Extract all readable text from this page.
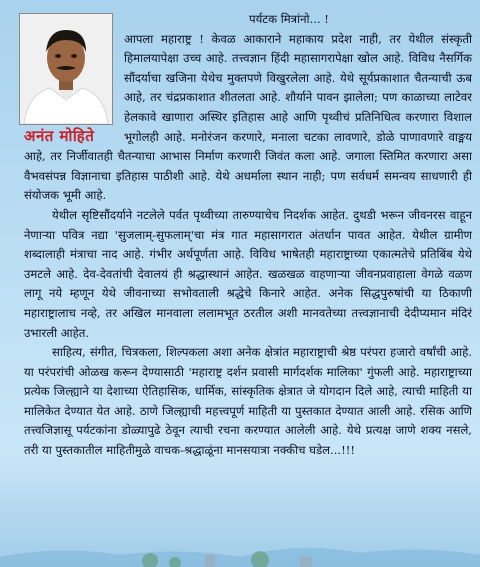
अनंत मोहिते

पर्यटक मित्रांनो... !

आपला महाराष्ट्र ! केवळ आकाराने महाकाय प्रदेश नाही, तर येथील संस्कृती हिमालयापेक्षा उच्च आहे. तत्त्वज्ञान हिंदी महासागरापेक्षा खोल आहे. विविध नैसर्गिक सौंदर्याचा खजिना येथेच मुक्तपणे विखुरलेला आहे. येथे सूर्यप्रकाशात चैतन्याची ऊब आहे, तर चंद्रप्रकाशात शीतलता आहे. शौर्याने पावन झालेला; पण काळाच्या लाटेवर हेलकावे खाणारा अस्थिर इतिहास आहे आणि पृथ्वीचं प्रतिनिधित्व करणारा विशाल भूगोलही आहे. मनोरंजन करणारे, मनाला चटका लावणारे, डोळे पाणावणारे वाङ्मय आहे, तर निर्जीवातही चैतन्याचा आभास निर्माण करणारी जिवंत कला आहे. जगाला स्तिमित करणारा असा वैभवसंपन्न विज्ञानाचा इतिहास पाठीशी आहे. येथे अधर्माला स्थान नाही; पण सर्वधर्म समन्वय साधणारी ही संयोजक भूमी आहे.

येथील सृष्टिसौंदर्याने नटलेले पर्वत पृथ्वीच्या तारुण्याचेच निदर्शक आहेत. दुथडी भरून जीवनरस वाहून नेणाऱ्या पवित्र नद्या 'सुजलाम्-सुफलाम्'चा मंत्र गात महासागरात अंतर्धान पावत आहेत. येथील ग्रामीण शब्दालाही मंत्राचा नाद आहे. गंभीर अर्थपूर्णता आहे. विविध भाषेतही महाराष्ट्राच्या एकात्मतेचे प्रतिबिंब येथे उमटले आहे. देव-देवतांची देवालयं ही श्रद्धास्थानं आहेत. खळखळ वाहणाऱ्या जीवनप्रवाहाला वेगळे वळण लागू नये म्हणून येथे जीवनाच्या सभोवताली श्रद्धेचे किनारे आहेत. अनेक सिद्धपुरुषांची या ठिकाणी महाराष्ट्रालाच नव्हे, तर अखिल मानवाला ललामभूत ठरतील अशी मानवतेच्या तत्त्वज्ञानाची देदीप्यमान मंदिरं उभारली आहेत.

साहित्य, संगीत, चित्रकला, शिल्पकला अशा अनेक क्षेत्रांत महाराष्ट्राची श्रेष्ठ परंपरा हजारो वर्षांची आहे. या परंपरांची ओळख करून देण्यासाठी 'महाराष्ट्र दर्शन प्रवासी मार्गदर्शक मालिका' गुंफली आहे. महाराष्ट्राच्या प्रत्येक जिल्ह्याने या देशाच्या ऐतिहासिक, धार्मिक, सांस्कृतिक क्षेत्रात जे योगदान दिले आहे, त्याची माहिती या मालिकेत देण्यात येत आहे. ठाणे जिल्ह्याची महत्त्वपूर्ण माहिती या पुस्तकात देण्यात आली आहे. रसिक आणि तत्त्वजिज्ञासू पर्यटकांना डोळ्यापुढे ठेवून त्याची रचना करण्यात आलेली आहे. येथे प्रत्यक्ष जाणे शक्य नसले, तरी या पुस्तकातील माहितीमुळे वाचक-श्रद्धाळूंना मानसयात्रा नक्कीच घडेल...!!!
